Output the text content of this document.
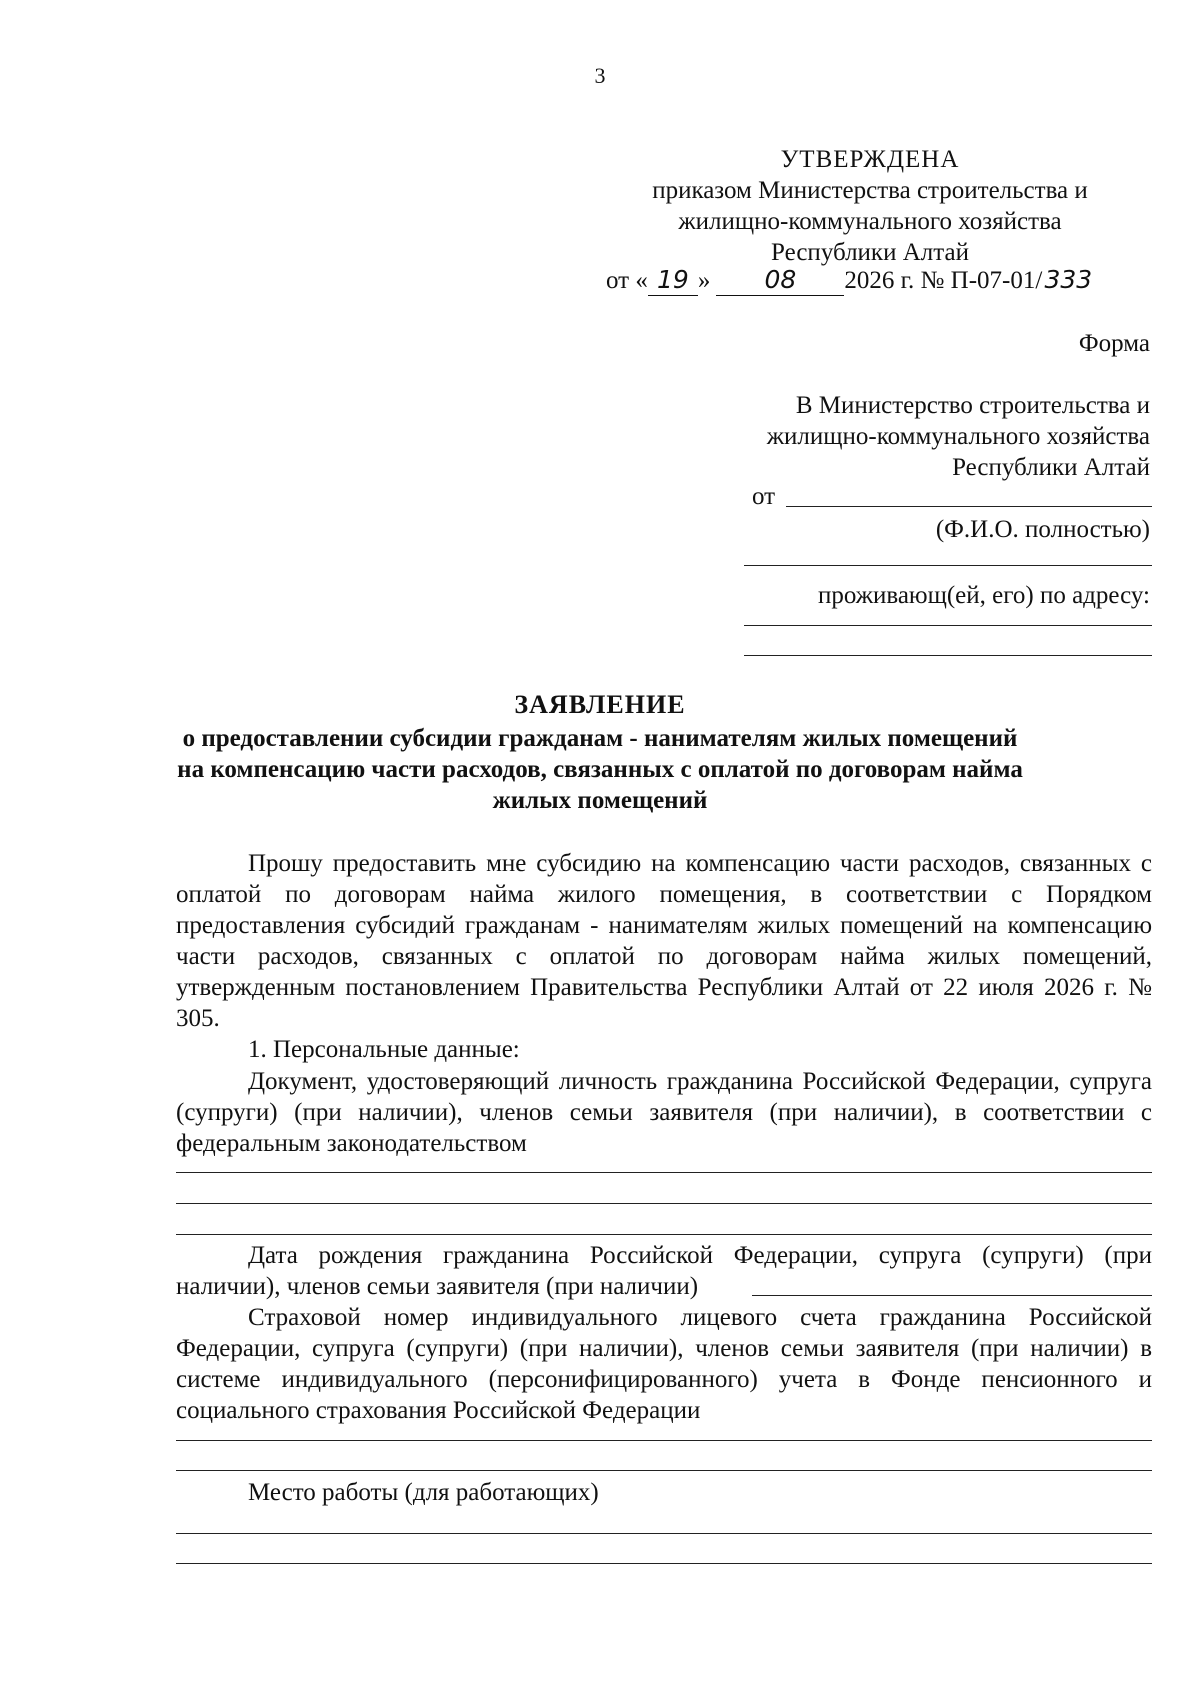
3
УТВЕРЖДЕНА
приказом Министерства строительства и
жилищно-коммунального хозяйства
Республики Алтай
от « 19 » 08 2026 г. № П-07-01/333
Форма
В Министерство строительства и
жилищно-коммунального хозяйства
Республики Алтай
от
(Ф.И.О. полностью)
проживающ(ей, его) по адресу:
ЗАЯВЛЕНИЕ
о предоставлении субсидии гражданам - нанимателям жилых помещений
на компенсацию части расходов, связанных с оплатой по договорам найма
жилых помещений
Прошу предоставить мне субсидию на компенсацию части расходов, связанных с оплатой по договорам найма жилого помещения, в соответствии с Порядком предоставления субсидий гражданам - нанимателям жилых помещений на компенсацию части расходов, связанных с оплатой по договорам найма жилых помещений, утвержденным постановлением Правительства Республики Алтай от 22 июля 2026 г. № 305.
1. Персональные данные:
Документ, удостоверяющий личность гражданина Российской Федерации, супруга (супруги) (при наличии), членов семьи заявителя (при наличии), в соответствии с федеральным законодательством
Дата рождения гражданина Российской Федерации, супруга (супруги) (при наличии), членов семьи заявителя (при наличии)
Страховой номер индивидуального лицевого счета гражданина Российской Федерации, супруга (супруги) (при наличии), членов семьи заявителя (при наличии) в системе индивидуального (персонифицированного) учета в Фонде пенсионного и социального страхования Российской Федерации
Место работы (для работающих)
